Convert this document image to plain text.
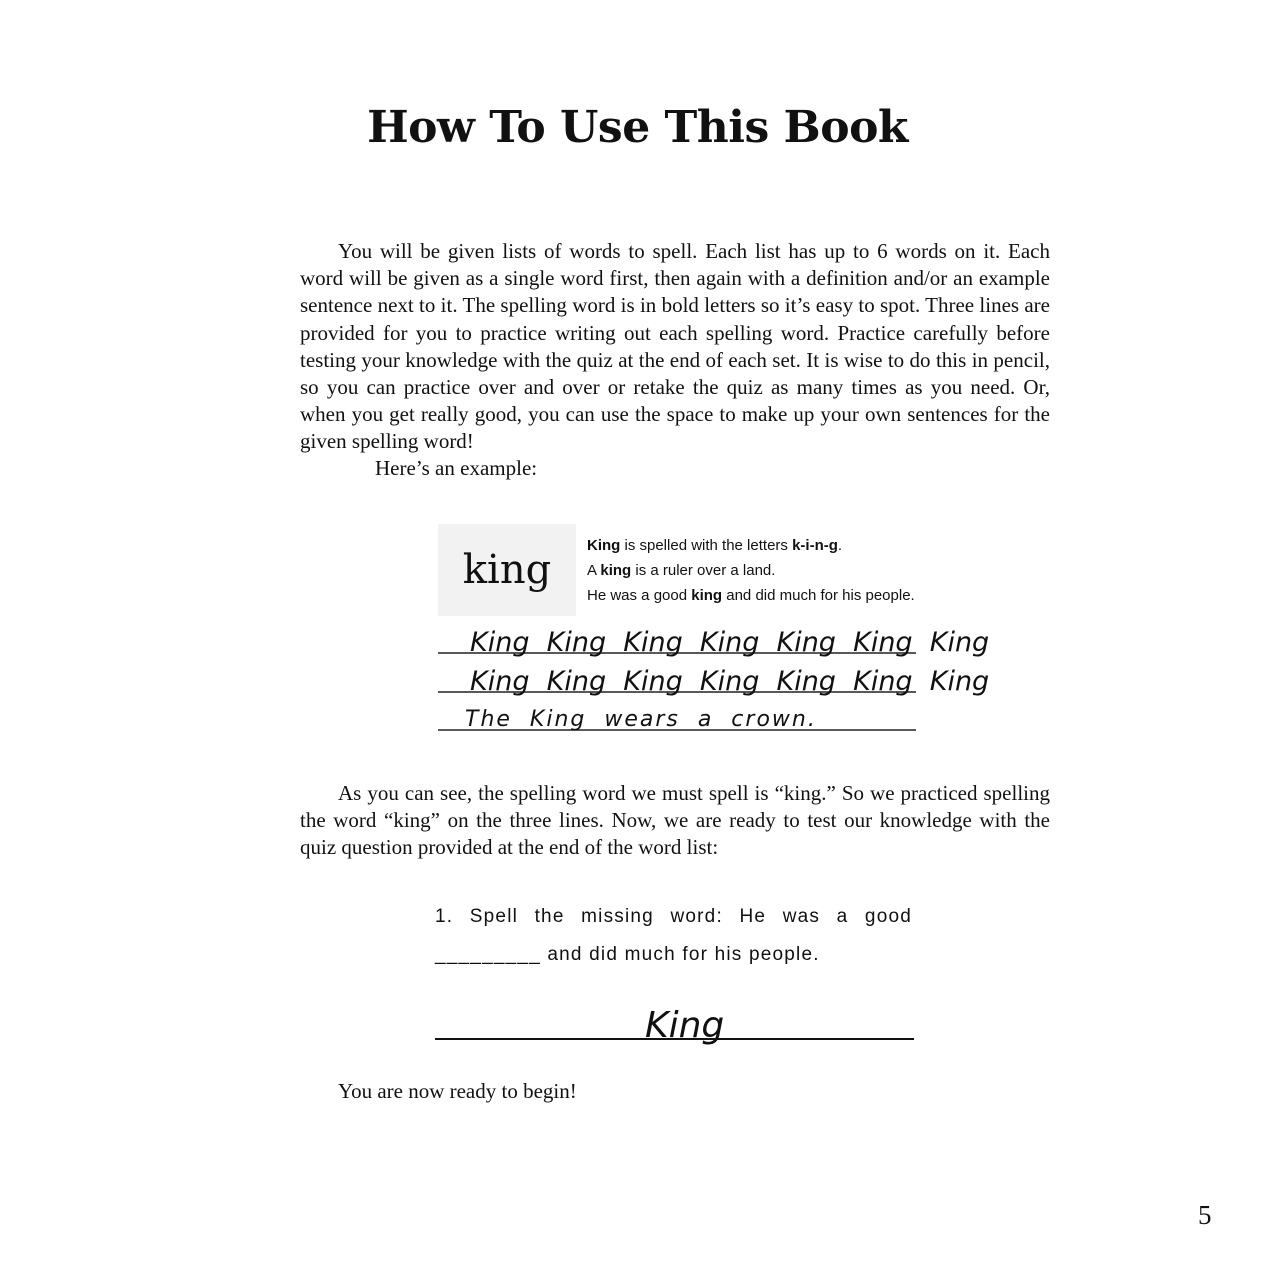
How To Use This Book

You will be given lists of words to spell. Each list has up to 6 words on it. Each word will be given as a single word first, then again with a definition and/or an example sentence next to it. The spelling word is in bold letters so it’s easy to spot. Three lines are provided for you to practice writing out each spelling word. Practice carefully before testing your knowledge with the quiz at the end of each set. It is wise to do this in pencil, so you can practice over and over or retake the quiz as many times as you need. Or, when you get really good, you can use the space to make up your own sentences for the given spelling word!

Here’s an example:

king
King is spelled with the letters k-i-n-g.
A king is a ruler over a land.
He was a good king and did much for his people.
King  King  King  King  King  King  King
King  King  King  King  King  King  King
The  King  wears  a  crown.

As you can see, the spelling word we must spell is “king.” So we practiced spelling the word “king” on the three lines. Now, we are ready to test our knowledge with the quiz question provided at the end of the word list:

1. Spell the missing word: He was a good _________ and did much for his people.

King

You are now ready to begin!

5
